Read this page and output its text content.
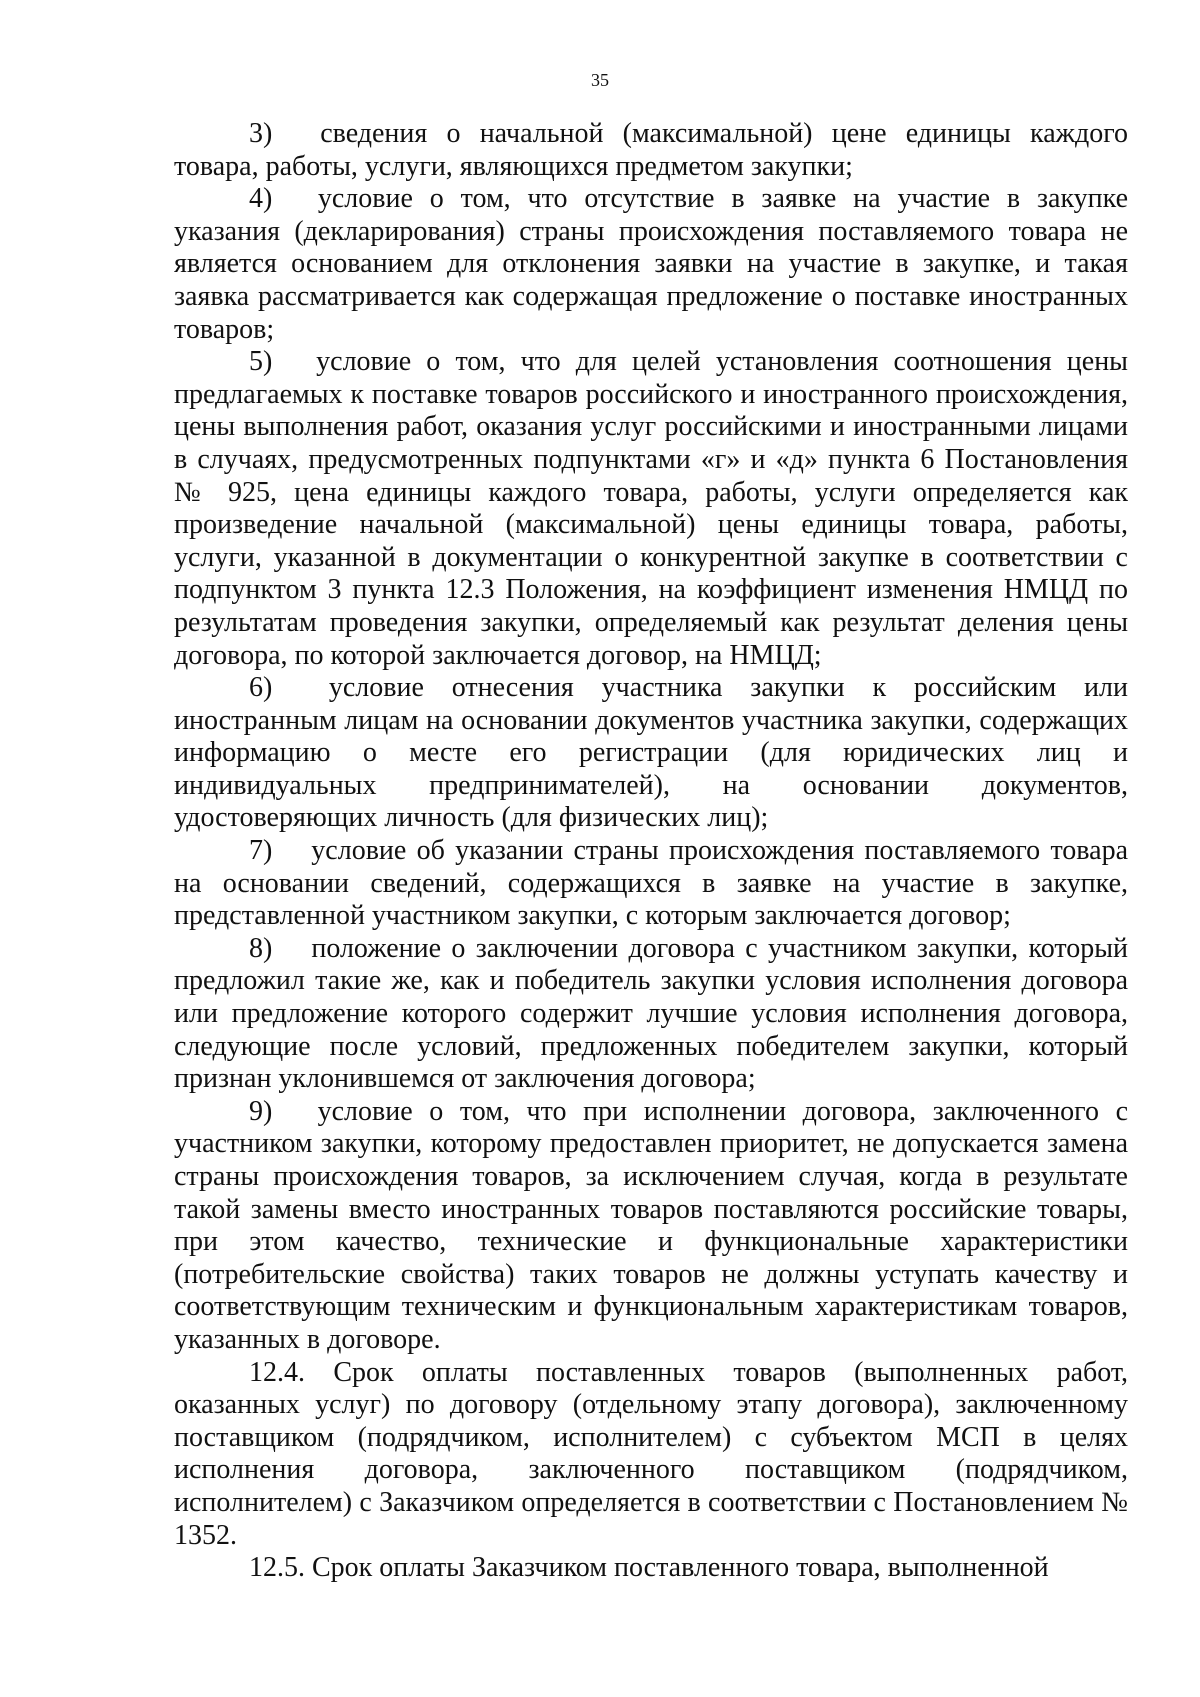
35

3) сведения о начальной (максимальной) цене единицы каждого товара, работы, услуги, являющихся предметом закупки;

4) условие о том, что отсутствие в заявке на участие в закупке указания (декларирования) страны происхождения поставляемого товара не является основанием для отклонения заявки на участие в закупке, и такая заявка рассматривается как содержащая предложение о поставке иностранных товаров;

5) условие о том, что для целей установления соотношения цены предлагаемых к поставке товаров российского и иностранного происхождения, цены выполнения работ, оказания услуг российскими и иностранными лицами в случаях, предусмотренных подпунктами «г» и «д» пункта 6 Постановления № 925, цена единицы каждого товара, работы, услуги определяется как произведение начальной (максимальной) цены единицы товара, работы, услуги, указанной в документации о конкурентной закупке в соответствии с подпунктом 3 пункта 12.3 Положения, на коэффициент изменения НМЦД по результатам проведения закупки, определяемый как результат деления цены договора, по которой заключается договор, на НМЦД;

6) условие отнесения участника закупки к российским или иностранным лицам на основании документов участника закупки, содержащих информацию о месте его регистрации (для юридических лиц и индивидуальных предпринимателей), на основании документов, удостоверяющих личность (для физических лиц);

7) условие об указании страны происхождения поставляемого товара на основании сведений, содержащихся в заявке на участие в закупке, представленной участником закупки, с которым заключается договор;

8) положение о заключении договора с участником закупки, который предложил такие же, как и победитель закупки условия исполнения договора или предложение которого содержит лучшие условия исполнения договора, следующие после условий, предложенных победителем закупки, который признан уклонившемся от заключения договора;

9) условие о том, что при исполнении договора, заключенного с участником закупки, которому предоставлен приоритет, не допускается замена страны происхождения товаров, за исключением случая, когда в результате такой замены вместо иностранных товаров поставляются российские товары, при этом качество, технические и функциональные характеристики (потребительские свойства) таких товаров не должны уступать качеству и соответствующим техническим и функциональным характеристикам товаров, указанных в договоре.

12.4. Срок оплаты поставленных товаров (выполненных работ, оказанных услуг) по договору (отдельному этапу договора), заключенному поставщиком (подрядчиком, исполнителем) с субъектом МСП в целях исполнения договора, заключенного поставщиком (подрядчиком, исполнителем) с Заказчиком определяется в соответствии с Постановлением № 1352.

12.5. Срок оплаты Заказчиком поставленного товара, выполненной
